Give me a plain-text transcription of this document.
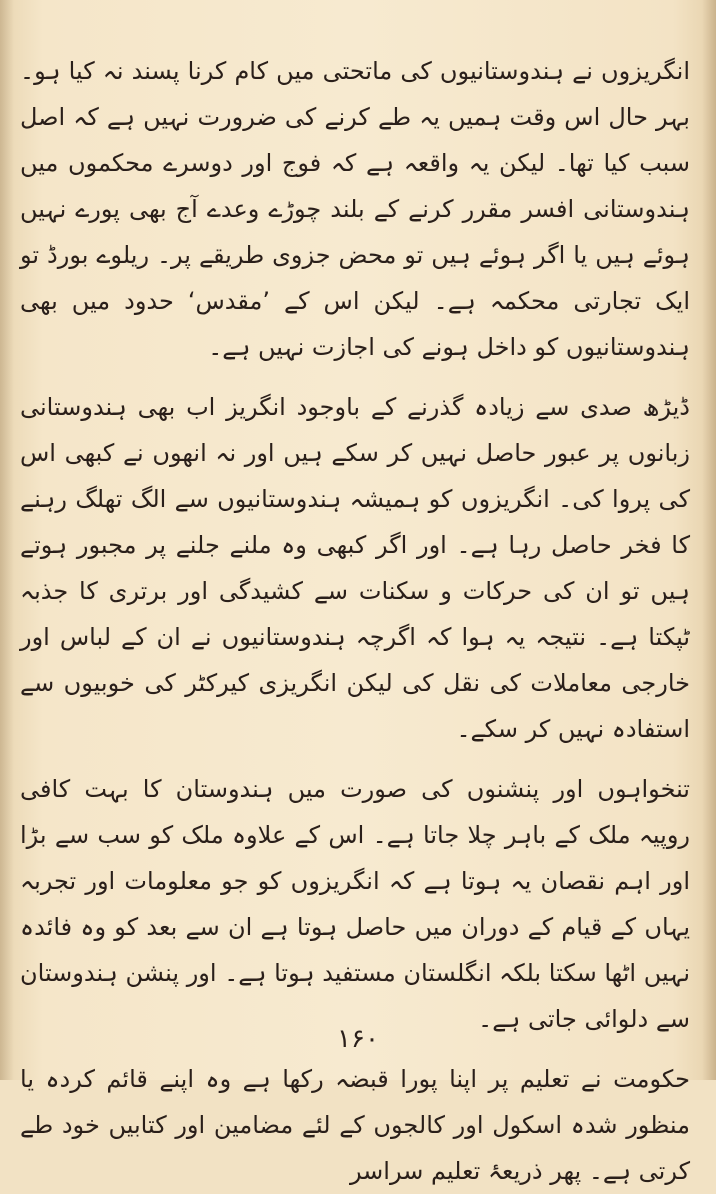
انگریزوں نے ہندوستانیوں کی ماتحتی میں کام کرنا پسند نہ کیا ہو۔ بہر حال اس وقت ہمیں یہ طے کرنے کی ضرورت نہیں ہے کہ اصل سبب کیا تھا۔ لیکن یہ واقعہ ہے کہ فوج اور دوسرے محکموں میں ہندوستانی افسر مقرر کرنے کے بلند چوڑے وعدے آج بھی پورے نہیں ہوئے ہیں یا اگر ہوئے ہیں تو محض جزوی طریقے پر۔ ریلوے بورڈ تو ایک تجارتی محکمہ ہے۔ لیکن اس کے ’مقدس‘ حدود میں بھی ہندوستانیوں کو داخل ہونے کی اجازت نہیں ہے۔

ڈیڑھ صدی سے زیادہ گذرنے کے باوجود انگریز اب بھی ہندوستانی زبانوں پر عبور حاصل نہیں کر سکے ہیں اور نہ انھوں نے کبھی اس کی پروا کی۔ انگریزوں کو ہمیشہ ہندوستانیوں سے الگ تھلگ رہنے کا فخر حاصل رہا ہے۔ اور اگر کبھی وہ ملنے جلنے پر مجبور ہوتے ہیں تو ان کی حرکات و سکنات سے کشیدگی اور برتری کا جذبہ ٹپکتا ہے۔ نتیجہ یہ ہوا کہ اگرچہ ہندوستانیوں نے ان کے لباس اور خارجی معاملات کی نقل کی لیکن انگریزی کیرکٹر کی خوبیوں سے استفادہ نہیں کر سکے۔

تنخواہوں اور پنشنوں کی صورت میں ہندوستان کا بہت کافی روپیہ ملک کے باہر چلا جاتا ہے۔ اس کے علاوہ ملک کو سب سے بڑا اور اہم نقصان یہ ہوتا ہے کہ انگریزوں کو جو معلومات اور تجربہ یہاں کے قیام کے دوران میں حاصل ہوتا ہے ان سے بعد کو وہ فائدہ نہیں اٹھا سکتا بلکہ انگلستان مستفید ہوتا ہے۔ اور پنشن ہندوستان سے دلوائی جاتی ہے۔

حکومت نے تعلیم پر اپنا پورا قبضہ رکھا ہے وہ اپنے قائم کردہ یا منظور شدہ اسکول اور کالجوں کے لئے مضامین اور کتابیں خود طے کرتی ہے۔ پھر ذریعۂ تعلیم سراسر

۱۶۰
